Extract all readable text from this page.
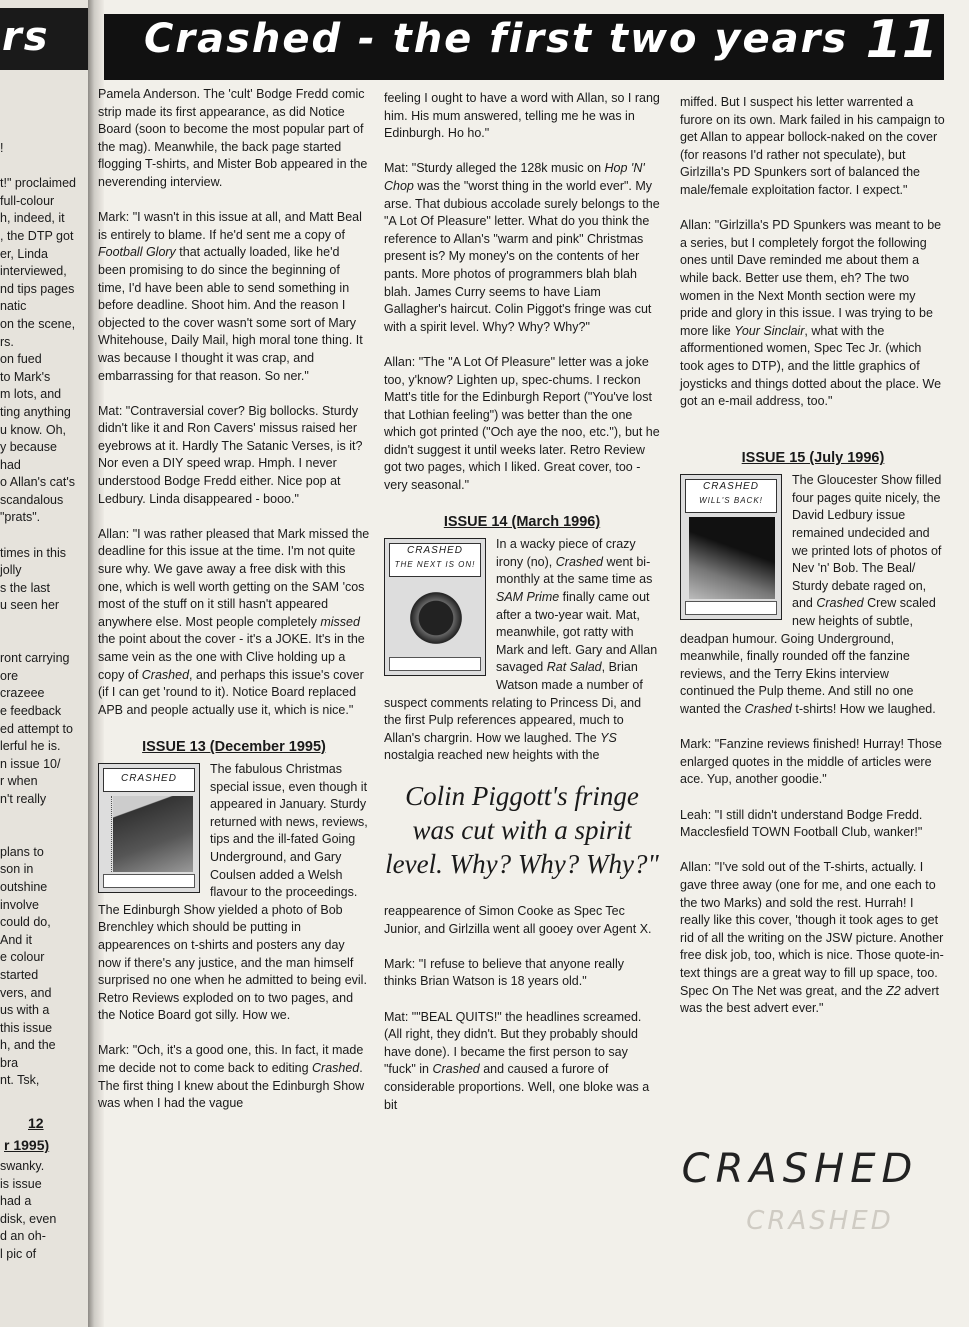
rs
!
t!" proclaimed
full-colour
h, indeed, it
, the DTP got
er, Linda
interviewed,
nd tips pages
natic
on the scene,
rs.
on fued
to Mark's
m lots, and
ting anything
u know. Oh,
y because
had
o Allan's cat's
scandalous
"prats".
times in this
jolly
s the last
u seen her
ront carrying
ore
crazeee
e feedback
ed attempt to
lerful he is.
n issue 10/
r when
n't really
plans to
son in
outshine
involve
could do,
And it
e colour
started
vers, and
us with a
this issue
h, and the
bra
nt. Tsk,
12
r 1995)
swanky.
is issue
had a
disk, even
d an oh-
l pic of
Crashed - the first two years 11

Pamela Anderson. The 'cult' Bodge Fredd comic strip made its first appearance, as did Notice Board (soon to become the most popular part of the mag). Meanwhile, the back page started flogging T-shirts, and Mister Bob appeared in the neverending interview.

Mark: "I wasn't in this issue at all, and Matt Beal is entirely to blame. If he'd sent me a copy of Football Glory that actually loaded, like he'd been promising to do since the beginning of time, I'd have been able to send something in before deadline. Shoot him. And the reason I objected to the cover wasn't some sort of Mary Whitehouse, Daily Mail, high moral tone thing. It was because I thought it was crap, and embarrassing for that reason. So ner."

Mat: "Contraversial cover? Big bollocks. Sturdy didn't like it and Ron Cavers' missus raised her eyebrows at it. Hardly The Satanic Verses, is it? Nor even a DIY speed wrap. Hmph. I never understood Bodge Fredd either. Nice pop at Ledbury. Linda disappeared - booo."

Allan: "I was rather pleased that Mark missed the deadline for this issue at the time. I'm not quite sure why. We gave away a free disk with this one, which is well worth getting on the SAM 'cos most of the stuff on it still hasn't appeared anywhere else. Most people completely missed the point about the cover - it's a JOKE. It's in the same vein as the one with Clive holding up a copy of Crashed, and perhaps this issue's cover (if I can get 'round to it). Notice Board replaced APB and people actually use it, which is nice."

ISSUE 13 (December 1995)
CRASHED
The fabulous Christmas special issue, even though it appeared in January. Sturdy returned with news, reviews, tips and the ill-fated Going Underground, and Gary Coulsen added a Welsh flavour to the proceedings. The Edinburgh Show yielded a photo of Bob Brenchley which should be putting in appearences on t-shirts and posters any day now if there's any justice, and the man himself surprised no one when he admitted to being evil. Retro Reviews exploded on to two pages, and the Notice Board got silly. How we.

Mark: "Och, it's a good one, this. In fact, it made me decide not to come back to editing Crashed. The first thing I knew about the Edinburgh Show was when I had the vague

feeling I ought to have a word with Allan, so I rang him. His mum answered, telling me he was in Edinburgh. Ho ho."

Mat: "Sturdy alleged the 128k music on Hop 'N' Chop was the "worst thing in the world ever". My arse. That dubious accolade surely belongs to the "A Lot Of Pleasure" letter. What do you think the reference to Allan's "warm and pink" Christmas present is? My money's on the contents of her pants. More photos of programmers blah blah blah. James Curry seems to have Liam Gallagher's haircut. Colin Piggot's fringe was cut with a spirit level. Why? Why? Why?"

Allan: "The "A Lot Of Pleasure" letter was a joke too, y'know? Lighten up, spec-chums. I reckon Matt's title for the Edinburgh Report ("You've lost that Lothian feeling") was better than the one which got printed ("Och aye the noo, etc."), but he didn't suggest it until weeks later. Retro Review got two pages, which I liked. Great cover, too - very seasonal."

ISSUE 14 (March 1996)
CRASHED
THE NEXT IS ON!
In a wacky piece of crazy irony (no), Crashed went bi-monthly at the same time as SAM Prime finally came out after a two-year wait. Mat, meanwhile, got ratty with Mark and left. Gary and Allan savaged Rat Salad, Brian Watson made a number of suspect comments relating to Princess Di, and the first Pulp references appeared, much to Allan's chargrin. How we laughed. The YS nostalgia reached new heights with the
Colin Piggott's fringe was cut with a spirit level. Why? Why? Why?"

reappearence of Simon Cooke as Spec Tec Junior, and Girlzilla went all gooey over Agent X.

Mark: "I refuse to believe that anyone really thinks Brian Watson is 18 years old."

Mat: ""BEAL QUITS!" the headlines screamed. (All right, they didn't. But they probably should have done). I became the first person to say "fuck" in Crashed and caused a furore of considerable proportions. Well, one bloke was a bit

miffed. But I suspect his letter warrented a furore on its own. Mark failed in his campaign to get Allan to appear bollock-naked on the cover (for reasons I'd rather not speculate), but Girlzilla's PD Spunkers sort of balanced the male/female exploitation factor. I expect."

Allan: "Girlzilla's PD Spunkers was meant to be a series, but I completely forgot the following ones until Dave reminded me about them a while back. Better use them, eh? The two women in the Next Month section were my pride and glory in this issue. I was trying to be more like Your Sinclair, what with the afformentioned women, Spec Tec Jr. (which took ages to DTP), and the little graphics of joysticks and things dotted about the place. We got an e-mail address, too."

ISSUE 15 (July 1996)
CRASHED
WILL'S BACK!
The Gloucester Show filled four pages quite nicely, the David Ledbury issue remained undecided and we printed lots of photos of Nev 'n' Bob. The Beal/ Sturdy debate raged on, and Crashed Crew scaled new heights of subtle, deadpan humour. Going Underground, meanwhile, finally rounded off the fanzine reviews, and the Terry Ekins interview continued the Pulp theme. And still no one wanted the Crashed t-shirts! How we laughed.

Mark: "Fanzine reviews finished! Hurray! Those enlarged quotes in the middle of articles were ace. Yup, another goodie."

Leah: "I still didn't understand Bodge Fredd. Macclesfield TOWN Football Club, wanker!"

Allan: "I've sold out of the T-shirts, actually. I gave three away (one for me, and one each to the two Marks) and sold the rest. Hurrah! I really like this cover, 'though it took ages to get rid of all the writing on the JSW picture. Another free disk job, too, which is nice. Those quote-in-text things are a great way to fill up space, too. Spec On The Net was great, and the Z2 advert was the best advert ever."

CRASHED
CRASHED
